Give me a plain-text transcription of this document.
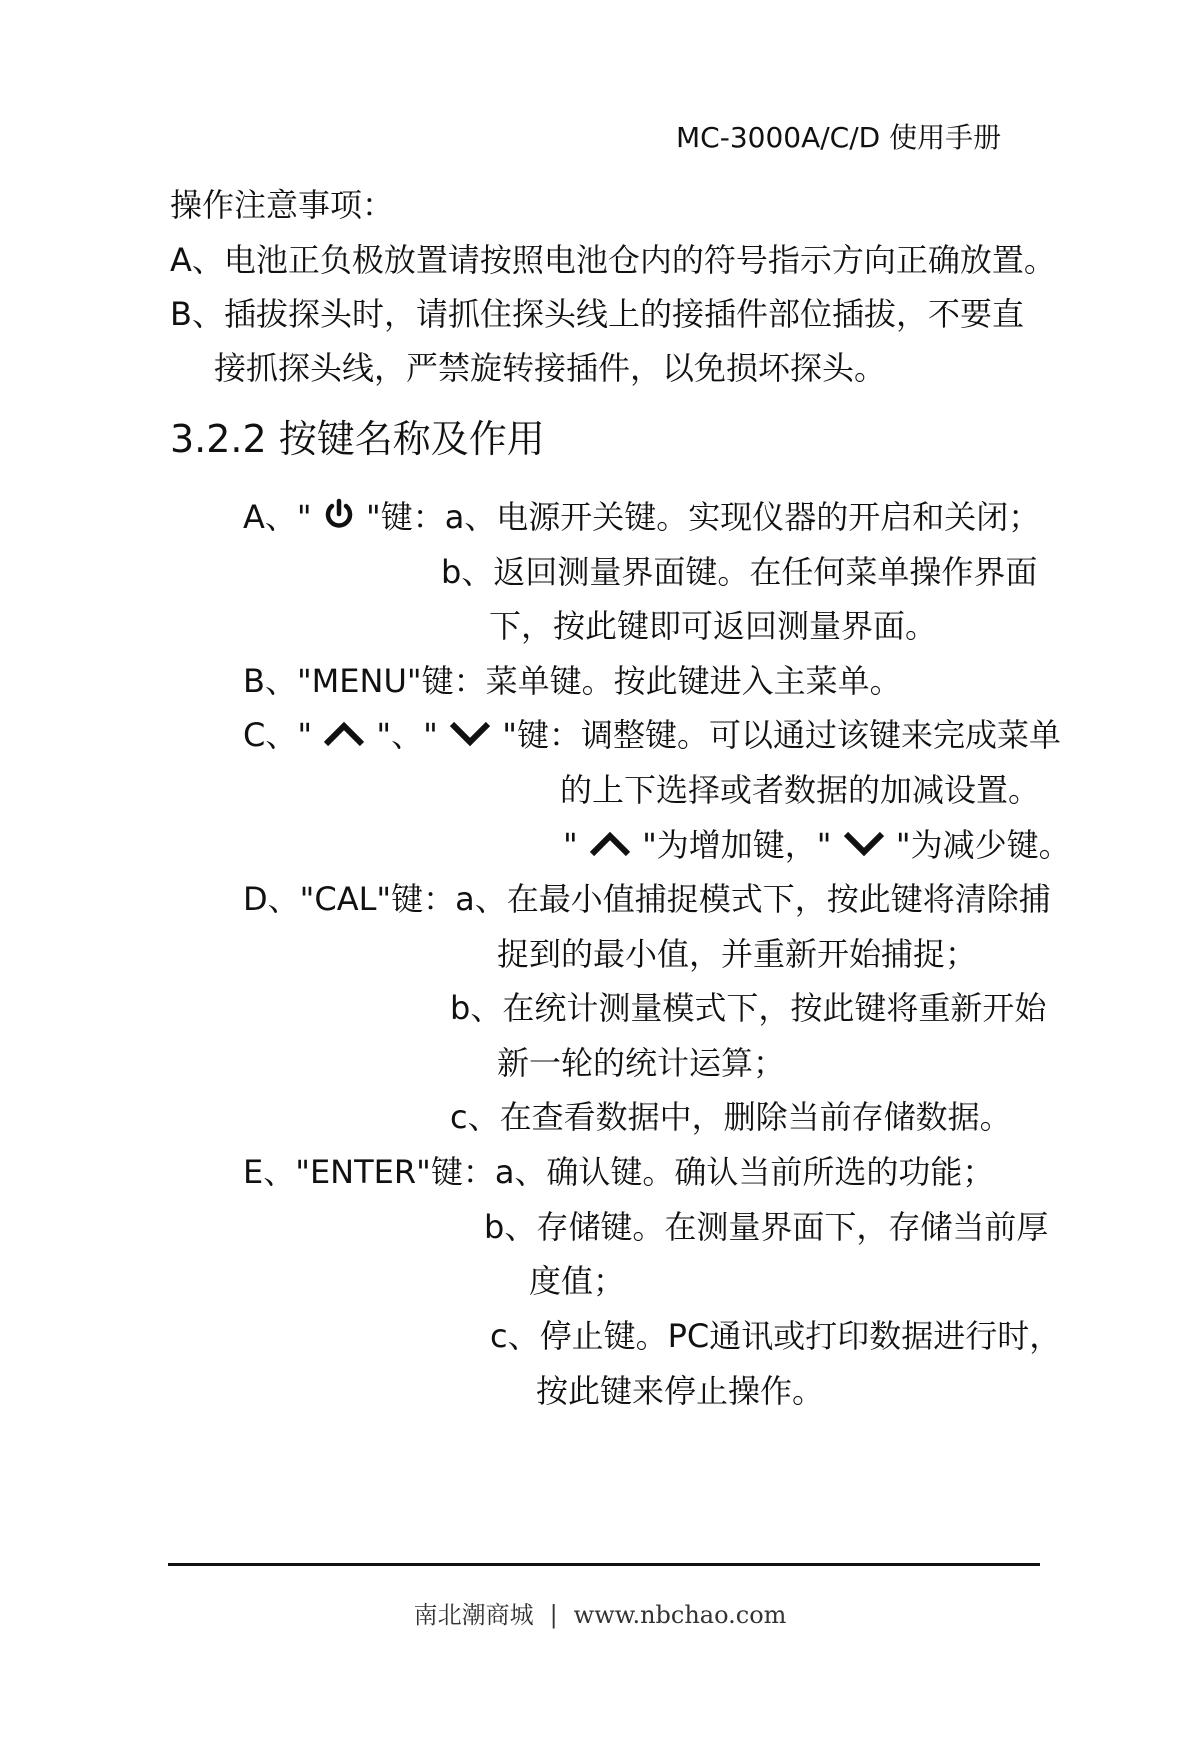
MC-3000A/C/D 使用手册
操作注意事项：
A、电池正负极放置请按照电池仓内的符号指示方向正确放置。
B、插拔探头时，请抓住探头线上的接插件部位插拔，不要直
接抓探头线，严禁旋转接插件，以免损坏探头。
3.2.2 按键名称及作用
A、" "键：a、电源开关键。实现仪器的开启和关闭；
b、返回测量界面键。在任何菜单操作界面
下，按此键即可返回测量界面。
B、"MENU"键：菜单键。按此键进入主菜单。
C、" "、" "键：调整键。可以通过该键来完成菜单
的上下选择或者数据的加减设置。
" "为增加键，" "为减少键。
D、"CAL"键：a、在最小值捕捉模式下，按此键将清除捕
捉到的最小值，并重新开始捕捉；
b、在统计测量模式下，按此键将重新开始
新一轮的统计运算；
c、在查看数据中，删除当前存储数据。
E、"ENTER"键：a、确认键。确认当前所选的功能；
b、存储键。在测量界面下，存储当前厚
度值；
c、停止键。PC通讯或打印数据进行时，
按此键来停止操作。
南北潮商城 | www.nbchao.com
